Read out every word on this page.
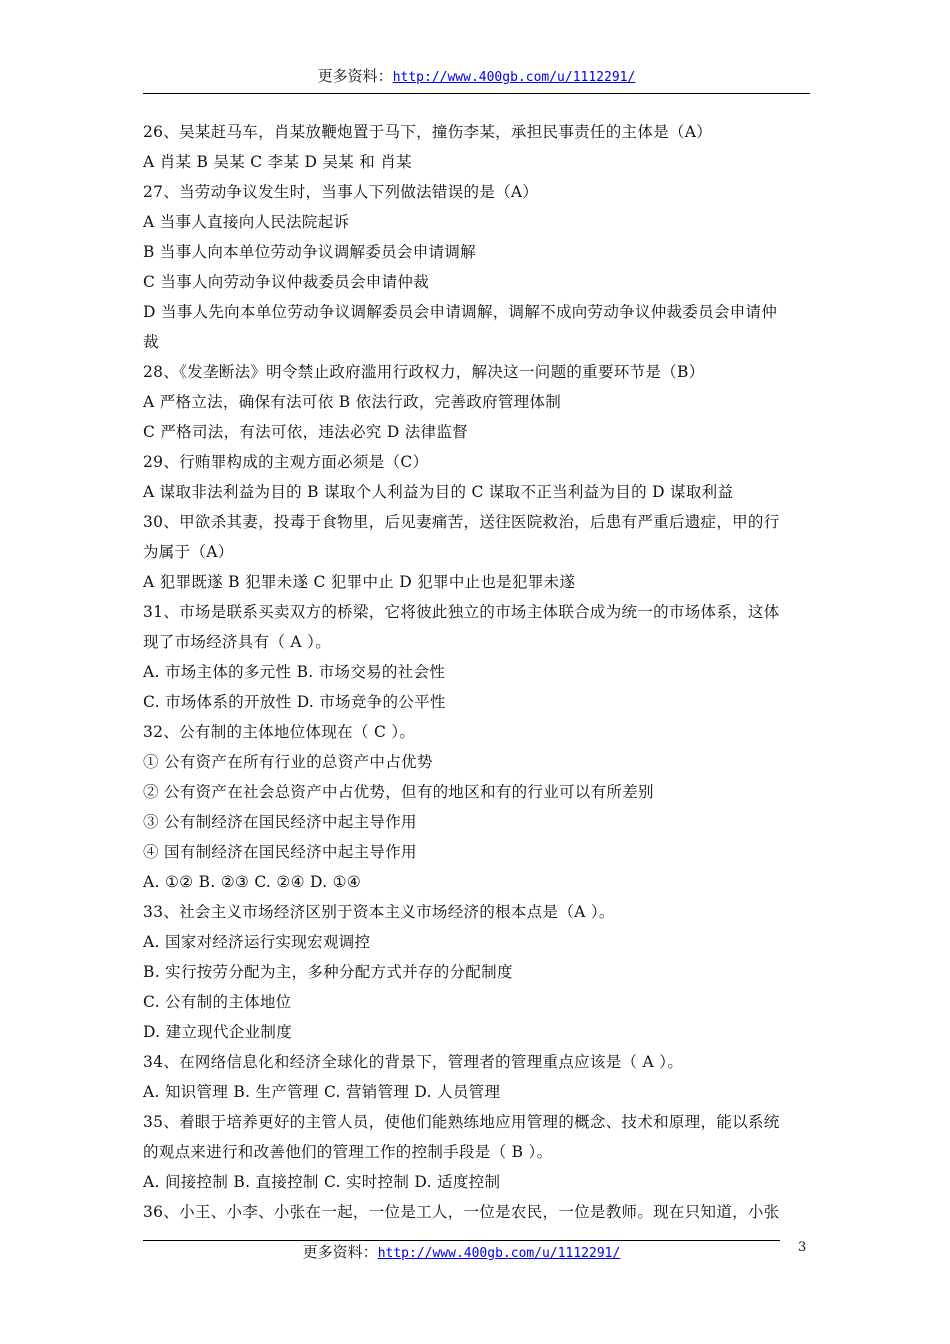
更多资料：http://www.400gb.com/u/1112291/
26、吴某赶马车，肖某放鞭炮置于马下，撞伤李某，承担民事责任的主体是（A）
A 肖某 B 吴某 C 李某 D 吴某 和 肖某
27、当劳动争议发生时，当事人下列做法错误的是（A）
A 当事人直接向人民法院起诉
B 当事人向本单位劳动争议调解委员会申请调解
C 当事人向劳动争议仲裁委员会申请仲裁
D 当事人先向本单位劳动争议调解委员会申请调解，调解不成向劳动争议仲裁委员会申请仲
裁
28、《发垄断法》明令禁止政府滥用行政权力，解决这一问题的重要环节是（B）
A 严格立法，确保有法可依 B 依法行政，完善政府管理体制
C 严格司法，有法可依，违法必究 D 法律监督
29、行贿罪构成的主观方面必须是（C）
A 谋取非法利益为目的 B 谋取个人利益为目的 C 谋取不正当利益为目的 D 谋取利益
30、甲欲杀其妻，投毒于食物里，后见妻痛苦，送往医院救治，后患有严重后遗症，甲的行
为属于（A）
A 犯罪既遂 B 犯罪未遂 C 犯罪中止 D 犯罪中止也是犯罪未遂
31、市场是联系买卖双方的桥梁，它将彼此独立的市场主体联合成为统一的市场体系，这体
现了市场经济具有（ A ）。
A. 市场主体的多元性 B. 市场交易的社会性
C. 市场体系的开放性 D. 市场竞争的公平性
32、公有制的主体地位体现在（ C ）。
① 公有资产在所有行业的总资产中占优势
② 公有资产在社会总资产中占优势，但有的地区和有的行业可以有所差别
③ 公有制经济在国民经济中起主导作用
④ 国有制经济在国民经济中起主导作用
A. ①② B. ②③ C. ②④ D. ①④
33、社会主义市场经济区别于资本主义市场经济的根本点是（A ）。
A. 国家对经济运行实现宏观调控
B. 实行按劳分配为主，多种分配方式并存的分配制度
C. 公有制的主体地位
D. 建立现代企业制度
34、在网络信息化和经济全球化的背景下，管理者的管理重点应该是（ A ）。
A. 知识管理 B. 生产管理 C. 营销管理 D. 人员管理
35、着眼于培养更好的主管人员，使他们能熟练地应用管理的概念、技术和原理，能以系统
的观点来进行和改善他们的管理工作的控制手段是（ B ）。
A. 间接控制 B. 直接控制 C. 实时控制 D. 适度控制
36、小王、小李、小张在一起，一位是工人，一位是农民，一位是教师。现在只知道，小张
更多资料：http://www.400gb.com/u/1112291/	3
